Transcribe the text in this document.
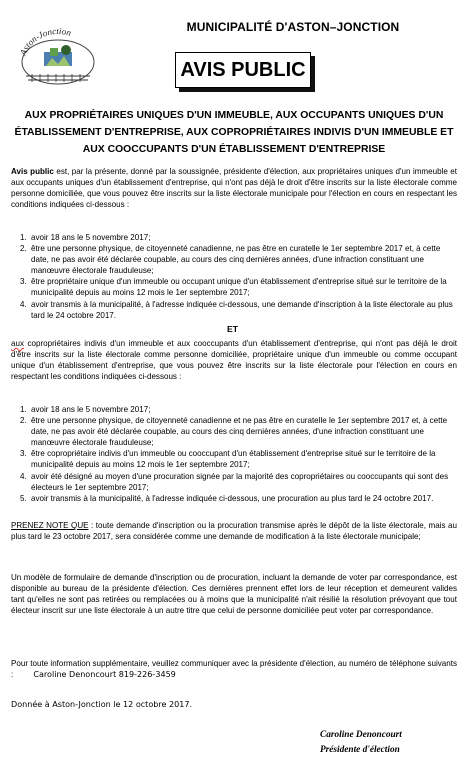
Aston-Jonction	MUNICIPALITÉ D'ASTON–JONCTION
AVIS PUBLIC
AUX PROPRIÉTAIRES UNIQUES D'UN IMMEUBLE, AUX OCCUPANTS UNIQUES D'UN ÉTABLISSEMENT D'ENTREPRISE, AUX COPROPRIÉTAIRES INDIVIS D'UN IMMEUBLE ET AUX COOCCUPANTS D'UN ÉTABLISSEMENT D'ENTREPRISE
Avis public est, par la présente, donné par la soussignée, présidente d'élection, aux propriétaires uniques d'un immeuble et aux occupants uniques d'un établissement d'entreprise, qui n'ont pas déjà le droit d'être inscrits sur la liste électorale comme personne domiciliée, que vous pouvez être inscrits sur la liste électorale municipale pour l'élection en cours en respectant les conditions indiquées ci-dessous :
1. avoir 18 ans le 5 novembre 2017;
2. être une personne physique, de citoyenneté canadienne, ne pas être en curatelle le 1er septembre 2017 et, à cette date, ne pas avoir été déclarée coupable, au cours des cinq dernières années, d'une infraction constituant une manœuvre électorale frauduleuse;
3. être propriétaire unique d'un immeuble ou occupant unique d'un établissement d'entreprise situé sur le territoire de la municipalité depuis au moins 12 mois le 1er septembre 2017;
4. avoir transmis à la municipalité, à l'adresse indiquée ci-dessous, une demande d'inscription à la liste électorale au plus tard le 24 octobre 2017.
ET
aux copropriétaires indivis d'un immeuble et aux cooccupants d'un établissement d'entreprise, qui n'ont pas déjà le droit d'être inscrits sur la liste électorale comme personne domiciliée, propriétaire unique d'un immeuble ou comme occupant unique d'un établissement d'entreprise, que vous pouvez être inscrits sur la liste électorale pour l'élection en cours en respectant les conditions indiquées ci-dessous :
1. avoir 18 ans le 5 novembre 2017;
2. être une personne physique, de citoyenneté canadienne et ne pas être en curatelle le 1er septembre 2017 et, à cette date, ne pas avoir été déclarée coupable, au cours des cinq dernières années, d'une infraction constituant une manœuvre électorale frauduleuse;
3. être copropriétaire indivis d'un immeuble ou cooccupant d'un établissement d'entreprise situé sur le territoire de la municipalité depuis au moins 12 mois le 1er septembre 2017;
4. avoir été désigné au moyen d'une procuration signée par la majorité des copropriétaires ou cooccupants qui sont des électeurs le 1er septembre 2017;
5. avoir transmis à la municipalité, à l'adresse indiquée ci-dessous, une procuration au plus tard le 24 octobre 2017.
PRENEZ NOTE QUE : toute demande d'inscription ou la procuration transmise après le dépôt de la liste électorale, mais au plus tard le 23 octobre 2017, sera considérée comme une demande de modification à la liste électorale municipale;
Un modèle de formulaire de demande d'inscription ou de procuration, incluant la demande de voter par correspondance, est disponible au bureau de la présidente d'élection. Ces dernières prennent effet lors de leur réception et demeurent valides tant qu'elles ne sont pas retirées ou remplacées ou à moins que la municipalité n'ait résilié la résolution prévoyant que tout électeur inscrit sur une liste électorale à un autre titre que celui de personne domiciliée peut voter par correspondance.
Pour toute information supplémentaire, veuillez communiquer avec la présidente d'élection, au numéro de téléphone suivants :	Caroline Denoncourt 819-226-3459
Donnée à Aston-Jonction le 12 octobre 2017.
Caroline Denoncourt
Présidente d'élection
